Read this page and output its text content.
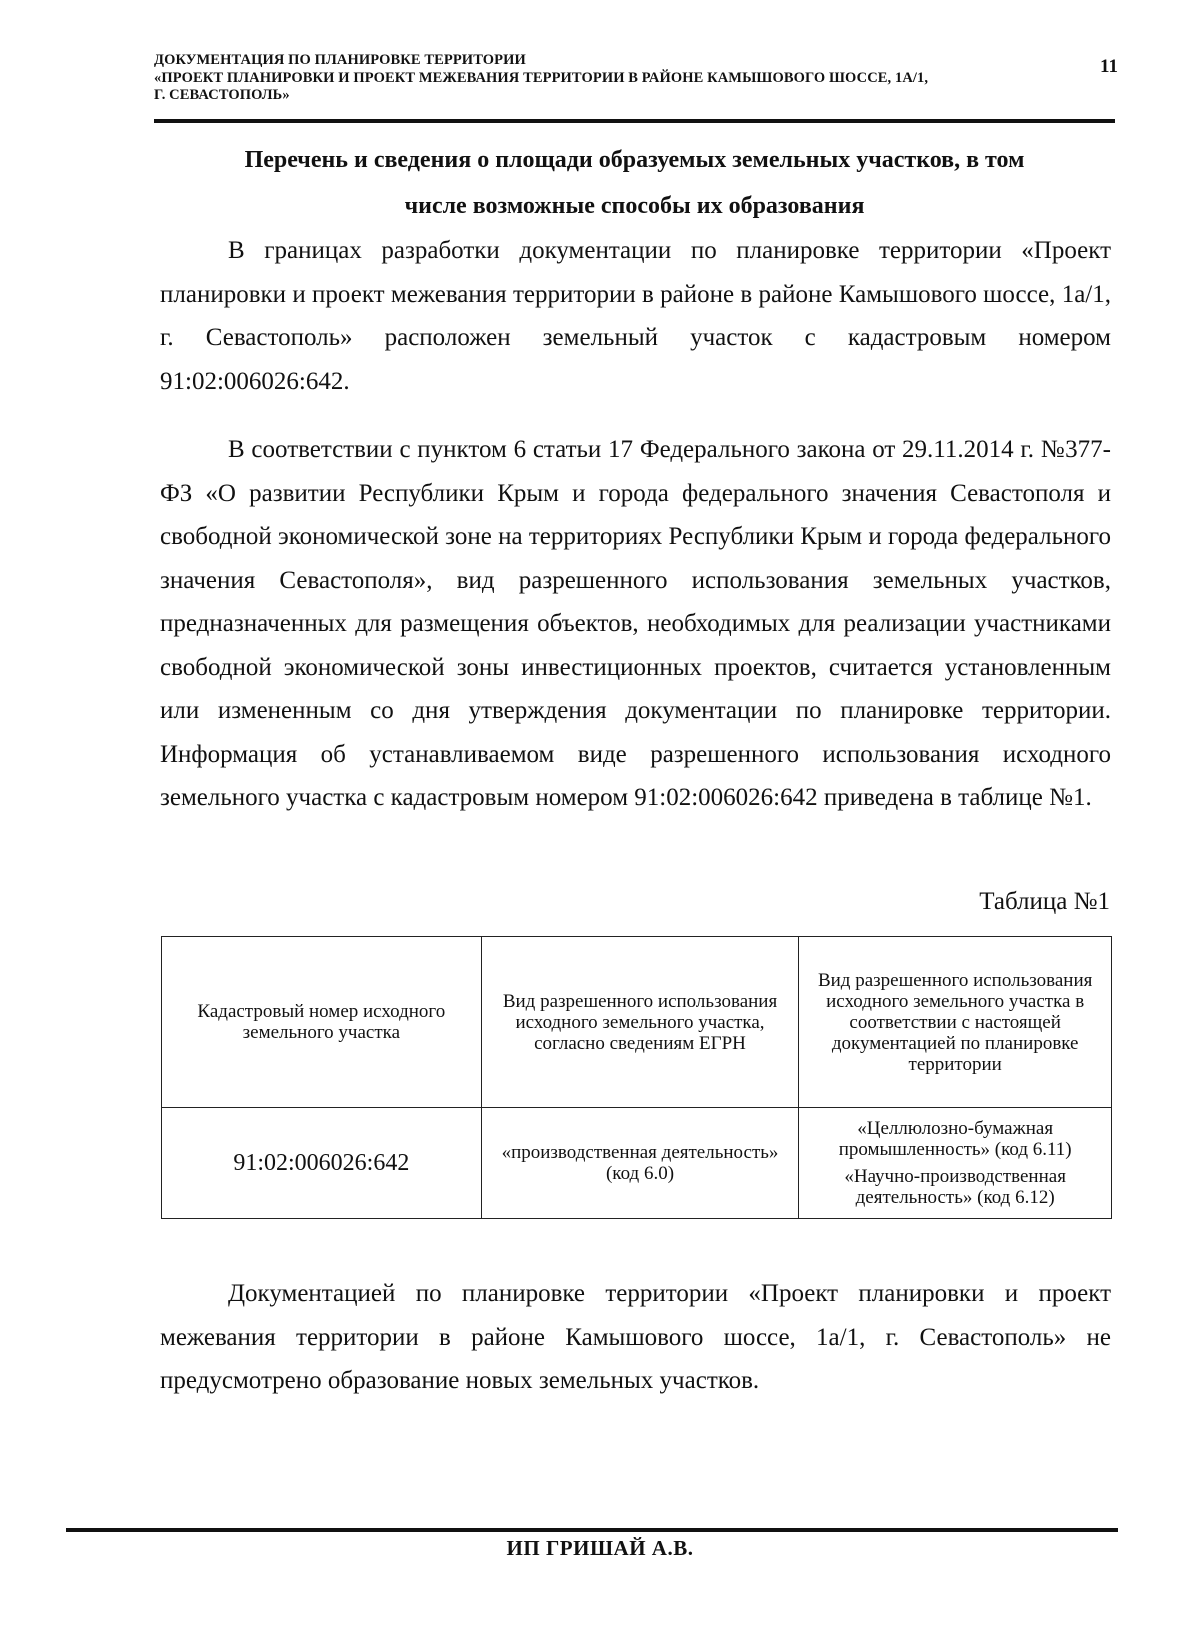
ДОКУМЕНТАЦИЯ ПО ПЛАНИРОВКЕ ТЕРРИТОРИИ
«ПРОЕКТ ПЛАНИРОВКИ И ПРОЕКТ МЕЖЕВАНИЯ ТЕРРИТОРИИ В РАЙОНЕ КАМЫШОВОГО ШОССЕ, 1А/1,
Г. СЕВАСТОПОЛЬ»
11
Перечень и сведения о площади образуемых земельных участков, в том
числе возможные способы их образования

В границах разработки документации по планировке территории «Проект планировки и проект межевания территории в районе в районе Камышового шоссе, 1а/1, г. Севастополь» расположен земельный участок с кадастровым номером 91:02:006026:642.

В соответствии с пунктом 6 статьи 17 Федерального закона от 29.11.2014 г. №377-ФЗ «О развитии Республики Крым и города федерального значения Севастополя и свободной экономической зоне на территориях Республики Крым и города федерального значения Севастополя», вид разрешенного использования земельных участков, предназначенных для размещения объектов, необходимых для реализации участниками свободной экономической зоны инвестиционных проектов, считается установленным или измененным со дня утверждения документации по планировке территории. Информация об устанавливаемом виде разрешенного использования исходного земельного участка с кадастровым номером 91:02:006026:642 приведена в таблице №1.

Таблица №1
Кадастровый номер исходного земельного участка	Вид разрешенного использования исходного земельного участка, согласно сведениям ЕГРН	Вид разрешенного использования исходного земельного участка в соответствии с настоящей документацией по планировке территории
91:02:006026:642	«производственная деятельность» (код 6.0)	«Целлюлозно-бумажная промышленность» (код 6.11)
«Научно-производственная деятельность» (код 6.12)

Документацией по планировке территории «Проект планировки и проект межевания территории в районе Камышового шоссе, 1а/1, г. Севастополь» не предусмотрено образование новых земельных участков.

ИП ГРИШАЙ А.В.
